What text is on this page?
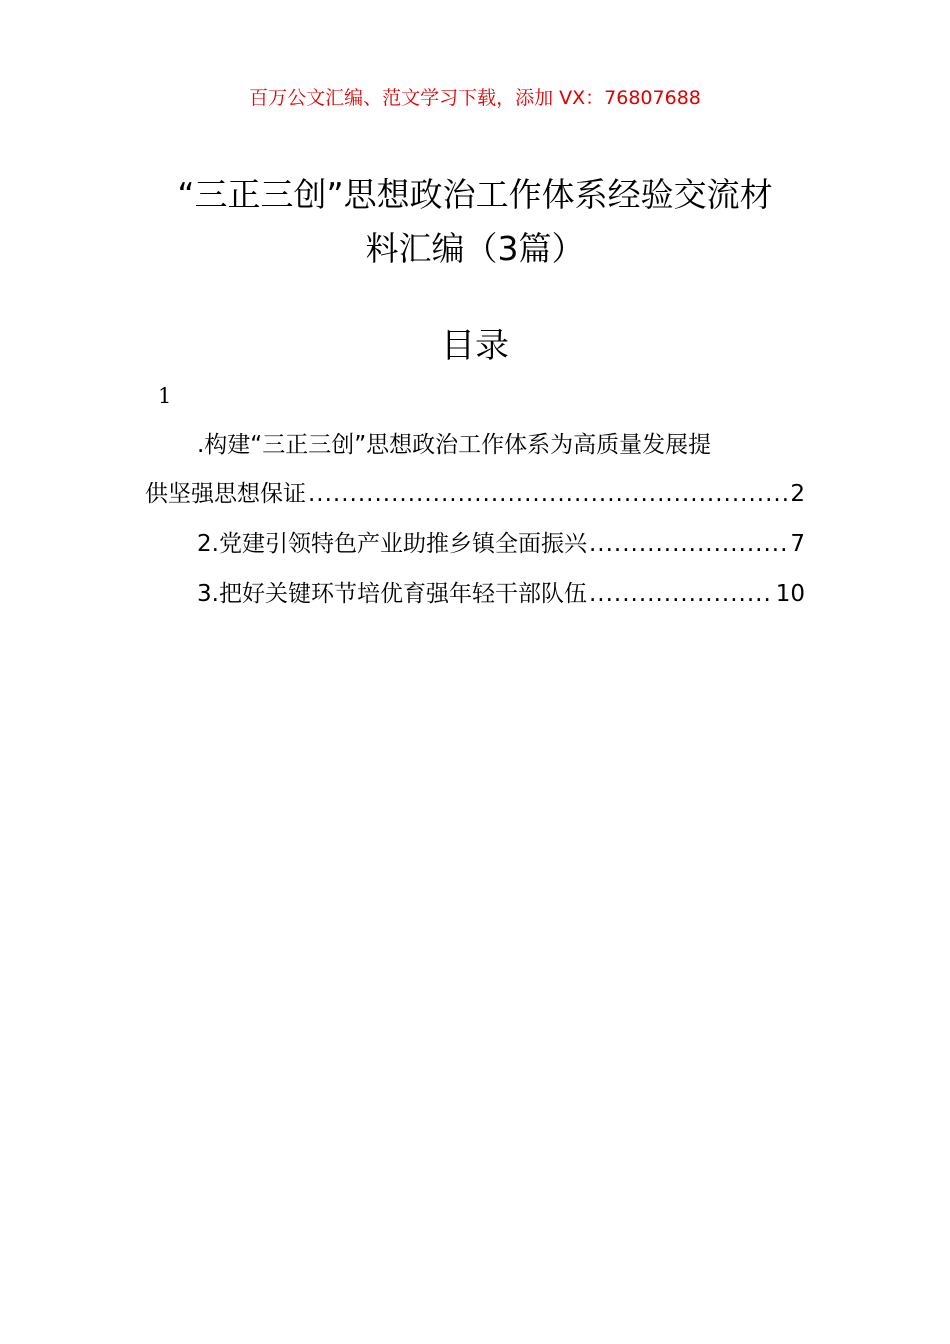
百万公文汇编、范文学习下载，添加 VX：76807688
“三正三创”思想政治工作体系经验交流材
料汇编（3篇）
目录
1
.构建“三正三创”思想政治工作体系为高质量发展提
供坚强思想保证 .....	2
2.党建引领特色产业助推乡镇全面振兴 .....	7
3.把好关键环节培优育强年轻干部队伍 .....	10
